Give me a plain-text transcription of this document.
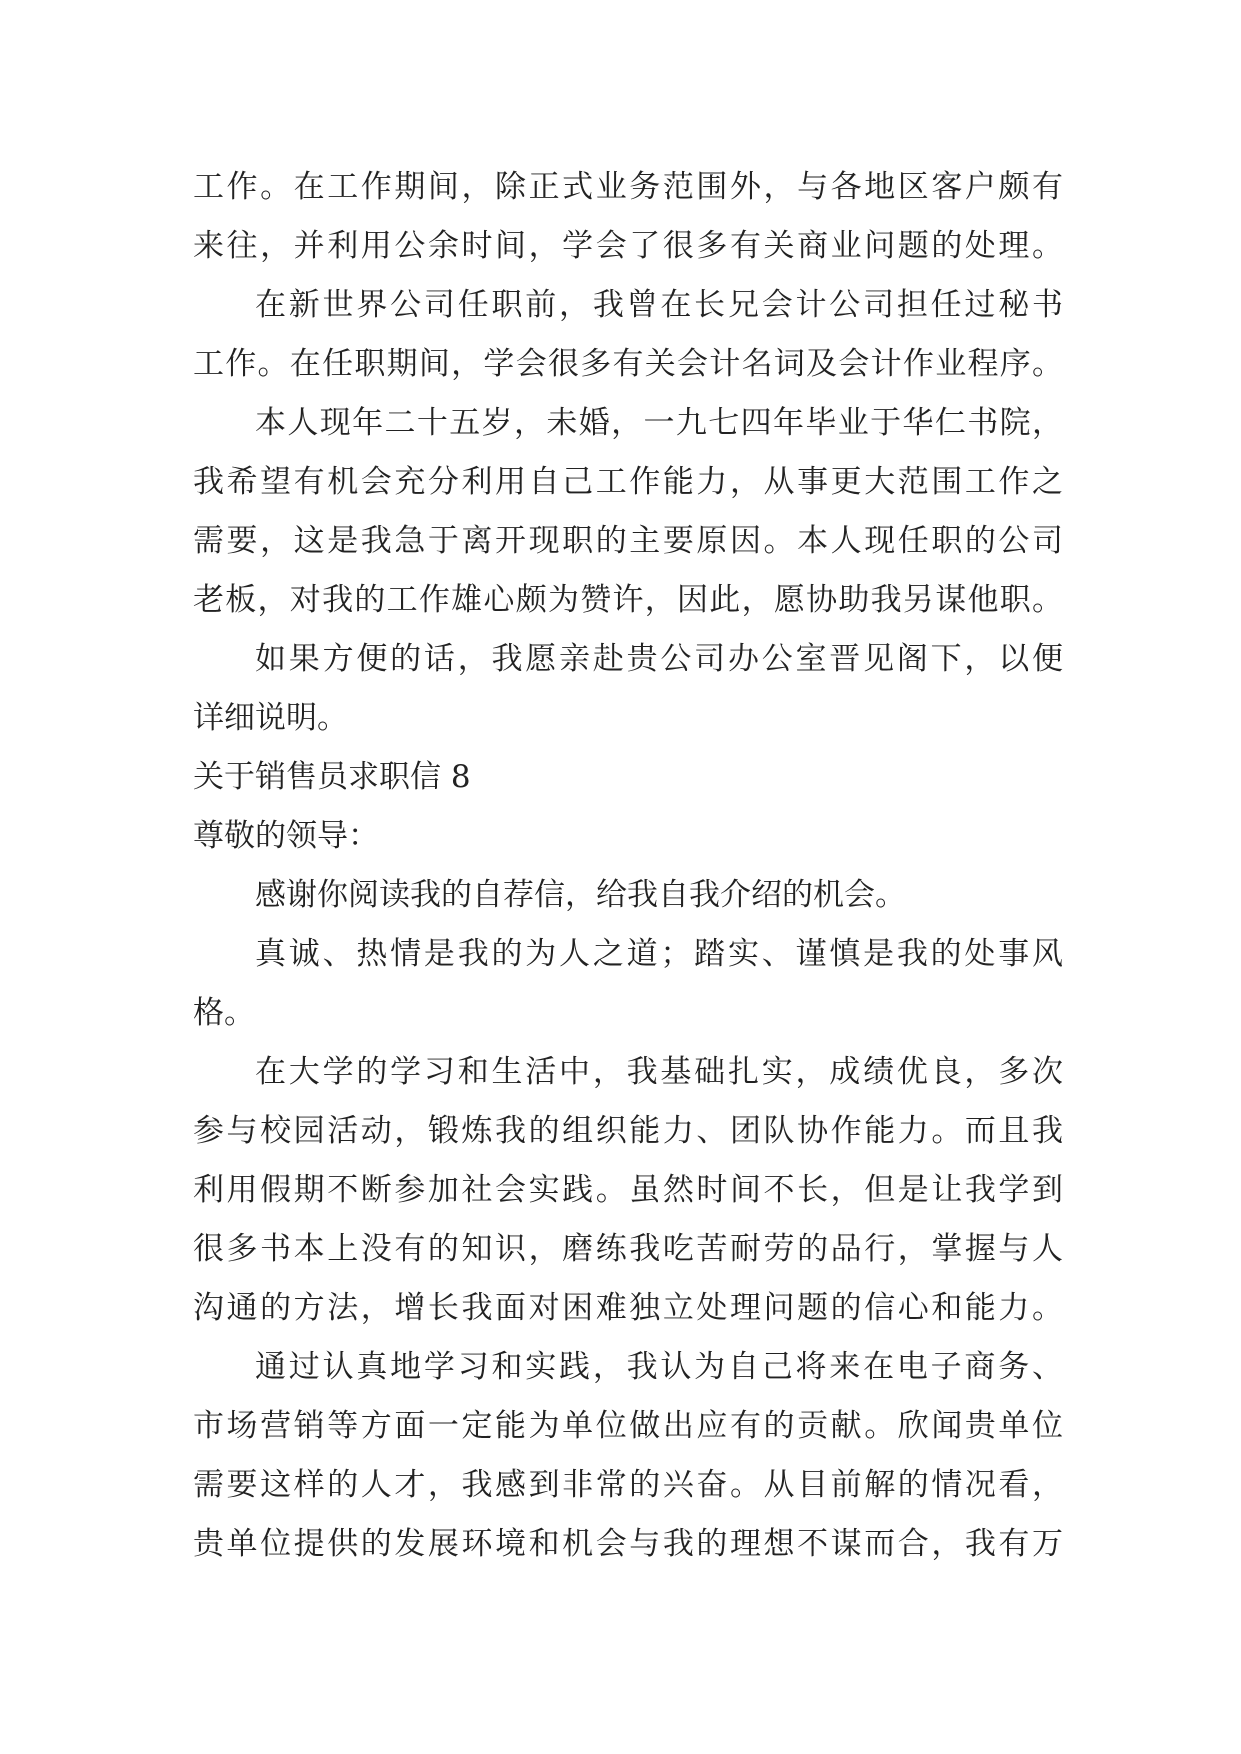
工作。在工作期间，除正式业务范围外，与各地区客户颇有

来往，并利用公余时间，学会了很多有关商业问题的处理。

在新世界公司任职前，我曾在长兄会计公司担任过秘书

工作。在任职期间，学会很多有关会计名词及会计作业程序。

本人现年二十五岁，未婚，一九七四年毕业于华仁书院，

我希望有机会充分利用自己工作能力，从事更大范围工作之

需要，这是我急于离开现职的主要原因。本人现任职的公司

老板，对我的工作雄心颇为赞许，因此，愿协助我另谋他职。

如果方便的话，我愿亲赴贵公司办公室晋见阁下，以便

详细说明。

关于销售员求职信 8

尊敬的领导：

感谢你阅读我的自荐信，给我自我介绍的机会。

真诚、热情是我的为人之道；踏实、谨慎是我的处事风

格。

在大学的学习和生活中，我基础扎实，成绩优良，多次

参与校园活动，锻炼我的组织能力、团队协作能力。而且我

利用假期不断参加社会实践。虽然时间不长，但是让我学到

很多书本上没有的知识，磨练我吃苦耐劳的品行，掌握与人

沟通的方法，增长我面对困难独立处理问题的信心和能力。

通过认真地学习和实践，我认为自己将来在电子商务、

市场营销等方面一定能为单位做出应有的贡献。欣闻贵单位

需要这样的人才，我感到非常的兴奋。从目前解的情况看，

贵单位提供的发展环境和机会与我的理想不谋而合，我有万
